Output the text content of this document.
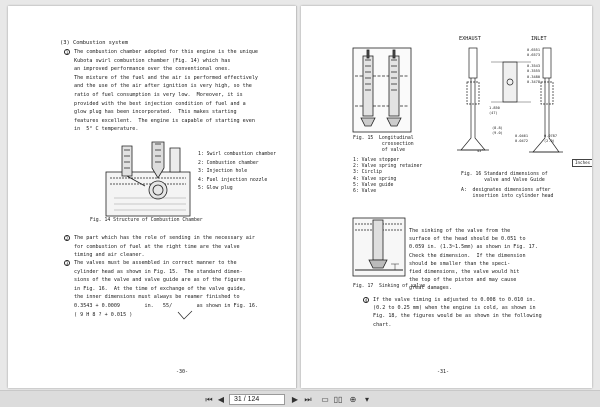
(3) Combustion system
1	The combustion chamber adopted for this engine is the unique
Kubota swirl combustion chamber (Fig. 14) which has
an improved performance over the conventional ones.
The mixture of the fuel and the air is performed effectively
and the use of the air after ignition is very high, so the
ratio of fuel consumption is very low.  Moreover, it is
provided with the best injection condition of fuel and a
glow plug has been incorporated.  This makes starting
features excellent.  The engine is capable of starting even
in  5° C temperature.
1: Swirl combustion chamber
2: Combustion chamber
3: Injection hole
4: Fuel injection nozzle
5: Glow plug
Fig. 14 Structure of Combustion Chamber
2	The part which has the role of sending in the necessary air
for combustion of fuel at the right time are the valve
timing and air cleaner.
3	The valves must be assembled in correct manner to the
cylinder head as shown in Fig. 15.  The standard dimen-
sions of the valve and valve guide are as of the figures
in Fig. 16.  At the time of exchange of the valve guide,
the inner dimensions must always be reamer finished to
0.3543 + 0.0009        in.   55/        as shown in Fig. 16.
( 9 H 8 ? + 0.015 )
-30-
Fig. 15  Longitudinal
crossection
of valve
1: Valve stopper
2: Valve spring retainer
3: Circlip
4: Valve spring
5: Valve guide
6: Valve
EXHAUST	INLET
0.6551
0.6573
0.3543
0.3555
0.3480
0.3478
(8.8)
(9.0)
1.850
(47)
0.0461
0.0472
0.0787
(2.0)
45°
Inches
Fig. 16 Standard dimensions of
valve and Valve Guide
A:  designates dimensions after
insertion into cylinder head
The sinking of the valve from the
surface of the head should be 0.051 to
0.059 in. (1.3~1.5mm) as shown in Fig. 17.
Check the dimension.  If the dimension
should be smaller than the speci-
fied dimensions, the valve would hit
the top of the piston and may cause
great damages.
Fig. 17  Sinking of valve
4	If the valve timing is adjusted to 0.008 to 0.010 in.
(0.2 to 0.25 mm) when the engine is cold, as shown in
Fig. 18, the figures would be as shown in the following
chart.
-31-
⏮ ◀	31 / 124	▶ ⏭ ▭ ▯▯ ⊕	▾
